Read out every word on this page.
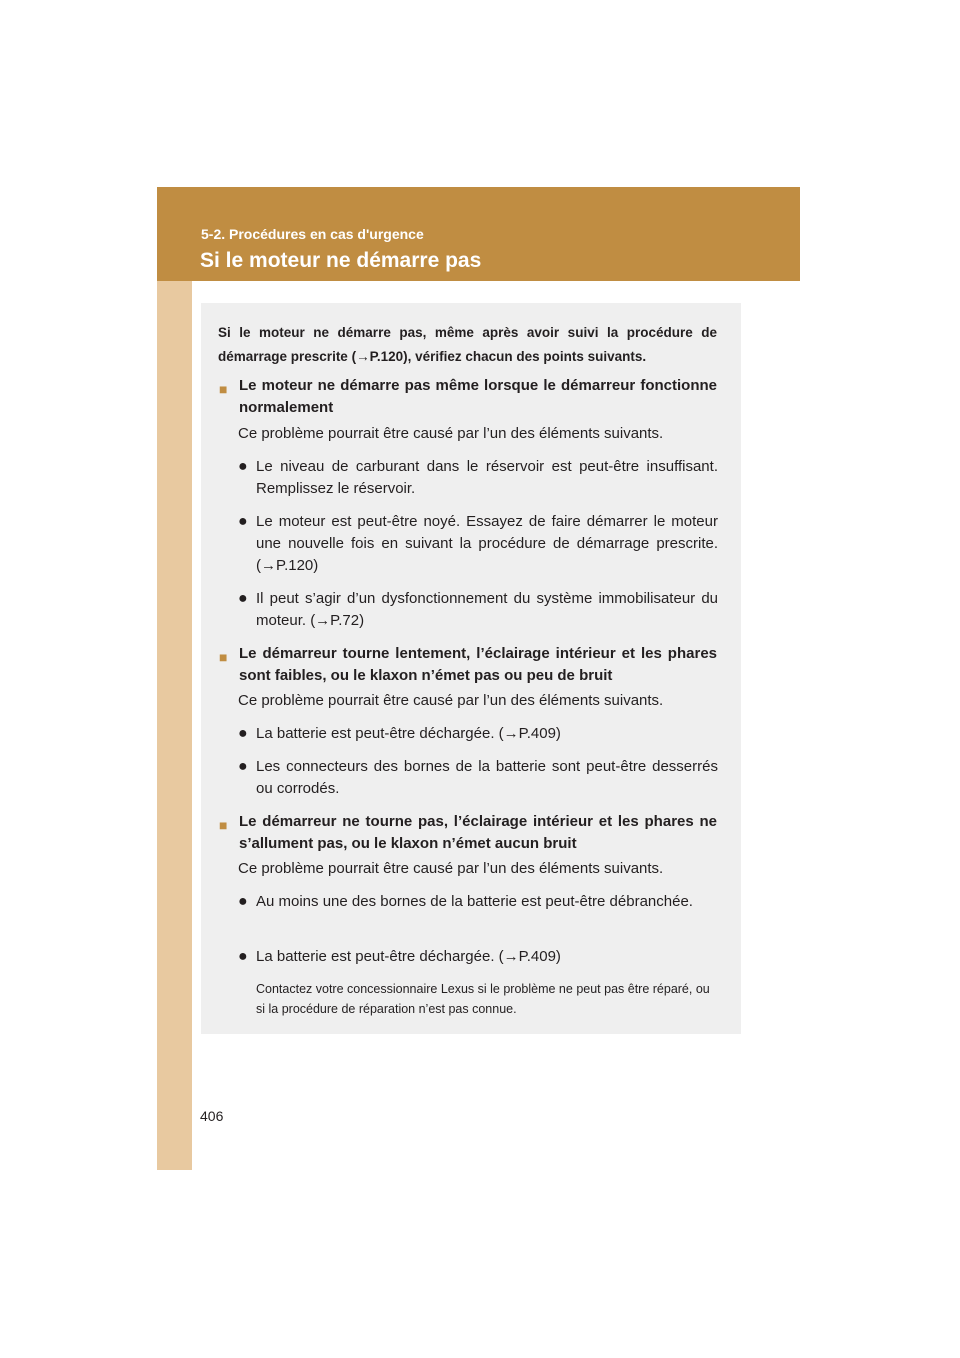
5-2. Procédures en cas d'urgence
Si le moteur ne démarre pas
Si le moteur ne démarre pas, même après avoir suivi la procédure de démarrage prescrite (→P.120), vérifiez chacun des points suivants.
■ Le moteur ne démarre pas même lorsque le démarreur fonctionne normalement
Ce problème pourrait être causé par l’un des éléments suivants.
● Le niveau de carburant dans le réservoir est peut-être insuffisant. Remplissez le réservoir.
● Le moteur est peut-être noyé. Essayez de faire démarrer le moteur une nouvelle fois en suivant la procédure de démarrage prescrite. (→P.120)
● Il peut s’agir d’un dysfonctionnement du système immobilisateur du moteur. (→P.72)
■ Le démarreur tourne lentement, l’éclairage intérieur et les phares sont faibles, ou le klaxon n’émet pas ou peu de bruit
Ce problème pourrait être causé par l’un des éléments suivants.
● La batterie est peut-être déchargée. (→P.409)
● Les connecteurs des bornes de la batterie sont peut-être desserrés ou corrodés.
■ Le démarreur ne tourne pas, l’éclairage intérieur et les phares ne s’allument pas, ou le klaxon n’émet aucun bruit
Ce problème pourrait être causé par l’un des éléments suivants.
● Au moins une des bornes de la batterie est peut-être débranchée.
● La batterie est peut-être déchargée. (→P.409)
Contactez votre concessionnaire Lexus si le problème ne peut pas être réparé, ou si la procédure de réparation n’est pas connue.
406
